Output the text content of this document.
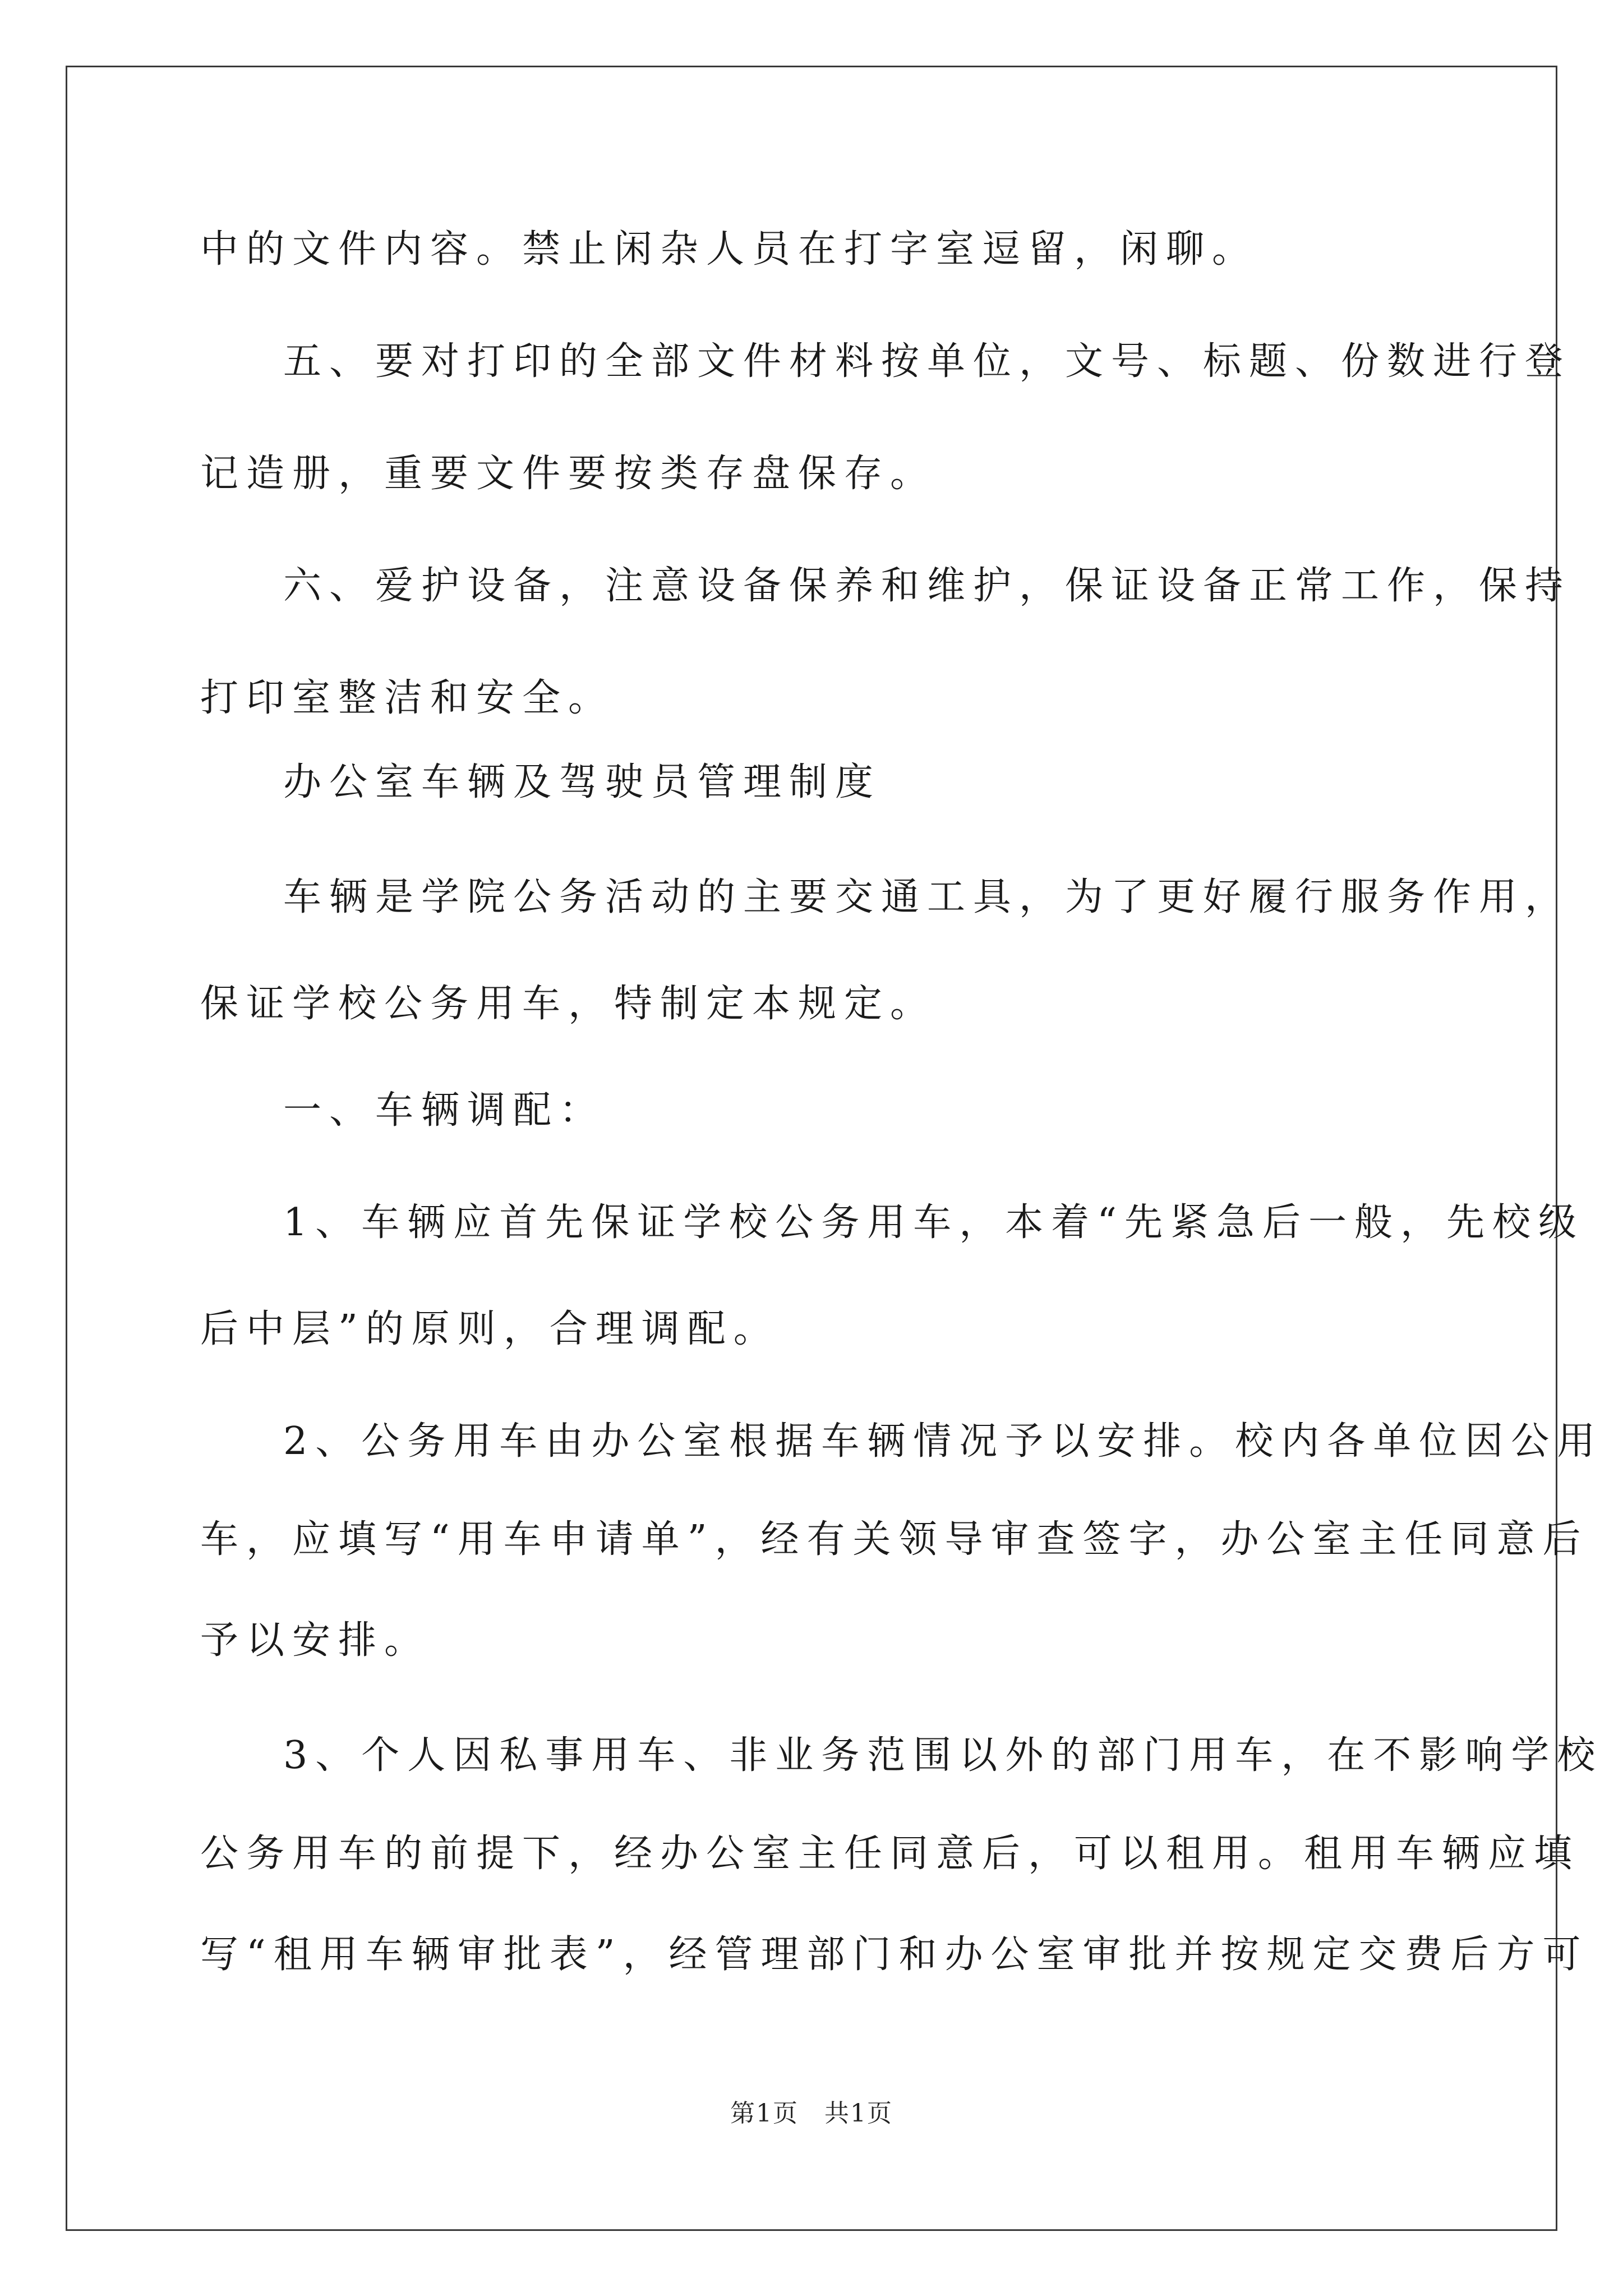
中的文件内容。禁止闲杂人员在打字室逗留，闲聊。
五、要对打印的全部文件材料按单位，文号、标题、份数进行登
记造册，重要文件要按类存盘保存。
六、爱护设备，注意设备保养和维护，保证设备正常工作，保持
打印室整洁和安全。
办公室车辆及驾驶员管理制度
车辆是学院公务活动的主要交通工具，为了更好履行服务作用，
保证学校公务用车，特制定本规定。
一、车辆调配：
1、车辆应首先保证学校公务用车，本着“先紧急后一般，先校级
后中层”的原则，合理调配。
2、公务用车由办公室根据车辆情况予以安排。校内各单位因公用
车，应填写“用车申请单”，经有关领导审查签字，办公室主任同意后
予以安排。
3、个人因私事用车、非业务范围以外的部门用车，在不影响学校
公务用车的前提下，经办公室主任同意后，可以租用。租用车辆应填
写“租用车辆审批表”，经管理部门和办公室审批并按规定交费后方可
第1页　共1页
